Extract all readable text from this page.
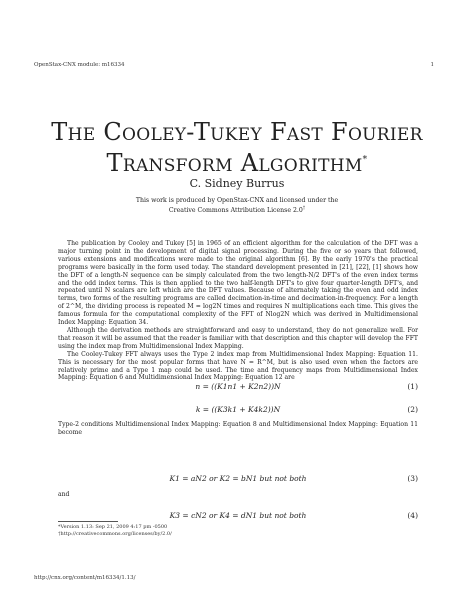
OpenStax-CNX module: m16334	1
The Cooley-Tukey Fast Fourier
Transform Algorithm*
C. Sidney Burrus
This work is produced by OpenStax-CNX and licensed under the
Creative Commons Attribution License 2.0†

The publication by Cooley and Tukey [5] in 1965 of an efficient algorithm for the calculation of the DFT was a major turning point in the development of digital signal processing. During the five or so years that followed, various extensions and modifications were made to the original algorithm [6]. By the early 1970's the practical programs were basically in the form used today. The standard development presented in [21], [22], [1] shows how the DFT of a length-N sequence can be simply calculated from the two length-N/2 DFT's of the even index terms and the odd index terms. This is then applied to the two half-length DFT's to give four quarter-length DFT's, and repeated until N scalars are left which are the DFT values. Because of alternately taking the even and odd index terms, two forms of the resulting programs are called decimation-in-time and decimation-in-frequency. For a length of 2^M, the dividing process is repeated M = log2N times and requires N multiplications each time. This gives the famous formula for the computational complexity of the FFT of Nlog2N which was derived in Multidimensional Index Mapping: Equation 34.

Although the derivation methods are straightforward and easy to understand, they do not generalize well. For that reason it will be assumed that the reader is familiar with that description and this chapter will develop the FFT using the index map from Multidimensional Index Mapping.

The Cooley-Tukey FFT always uses the Type 2 index map from Multidimensional Index Mapping: Equation 11. This is necessary for the most popular forms that have N = R^M, but is also used even when the factors are relatively prime and a Type 1 map could be used. The time and frequency maps from Multidimensional Index Mapping: Equation 6 and Multidimensional Index Mapping: Equation 12 are

n = ((K1n1 + K2n2))N	(1)
k = ((K3k1 + K4k2))N	(2)
Type-2 conditions Multidimensional Index Mapping: Equation 8 and Multidimensional Index Mapping: Equation 11 become
K1 = aN2 or K2 = bN1 but not both	(3)
and
K3 = cN2 or K4 = dN1 but not both	(4)
*Version 1.13: Sep 21, 2009 4:17 pm -0500
†http://creativecommons.org/licenses/by/2.0/
http://cnx.org/content/m16334/1.13/
